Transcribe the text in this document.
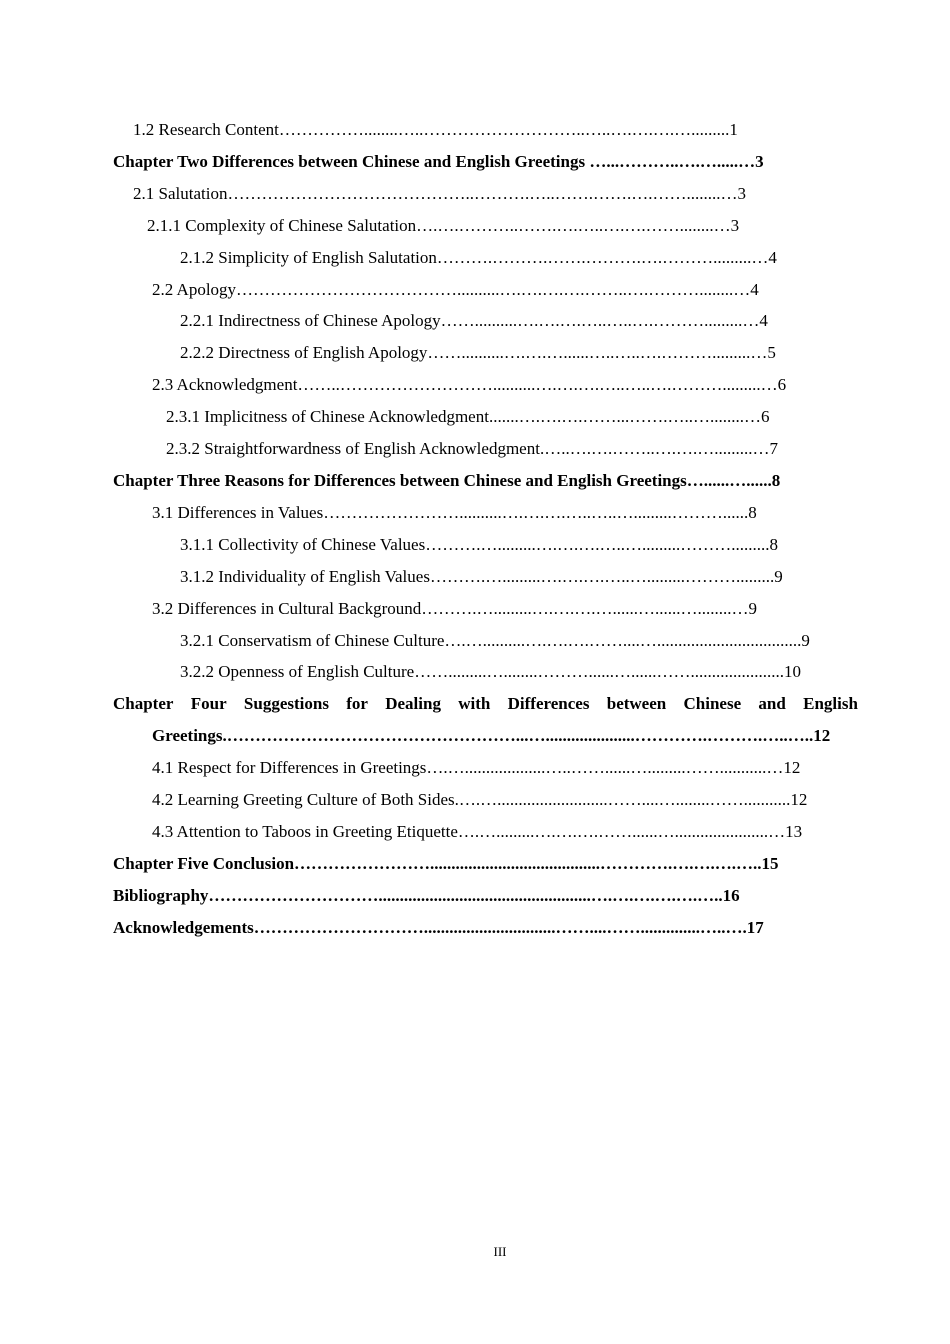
1.2 Research Content……………........…..………………………..…..….….….….........1
Chapter Two Differences between Chinese and English Greetings …...………..….….....…3
2.1 Salutation……………………………………..……….…..…….…….….……........…3
2.1.1 Complexity of Chinese Salutation….….………..…….….…..….….……........…3
2.1.2 Simplicity of English Salutation……….……….…….……….….……….........…4
2.2 Apology…………………………………..........….….….….……..….………........…4
2.2.1 Indirectness of Chinese Apology……..........….….….…..…..….……….........…4
2.2.2 Directness of English Apology……..........….….…......…..…..….……….........…5
2.3 Acknowledgment……..………………………..........….….….…..…..….……….........…6
2.3.1 Implicitness of Chinese Acknowledgment.......….….….……...…….…..…........…6
2.3.2 Straightforwardness of English Acknowledgment.…..….….……..….….….........…7
Chapter Three Reasons for Differences between Chinese and English Greetings…......…......8
3.1 Differences in Values……………………..........….….….…..…..….........………......8
3.1.1 Collectivity of Chinese Values……….….........….….….…..….........……….........8
3.1.2 Individuality of English Values……….….........….….….…..….........……….........9
3.2 Differences in Cultural Background……….….........….….….…......…......…........…9
3.2.1 Conservatism of Chinese Culture….…..........….….….……....…..................................9
3.2.2 Openness of English Culture…….........…........………......…......……......................10
Chapter Four Suggestions for Dealing with Differences between Chinese and English
Greetings.……………………………………………...….....................………….……….…..…..12
4.1 Respect for Differences in Greetings….…...................…..……......….........……...........…12
4.2 Learning Greeting Culture of Both Sides.….…..........................……....…........……...........12
4.3 Attention to Taboos in Greeting Etiquette….….........….….….……......…......................…13
Chapter Five Conclusion……………………........................................………….….….….…..15
Bibliography…………………………..................................................….….….….….…..16
Acknowledgements…………………………...............................……....……..............…..….17
III
